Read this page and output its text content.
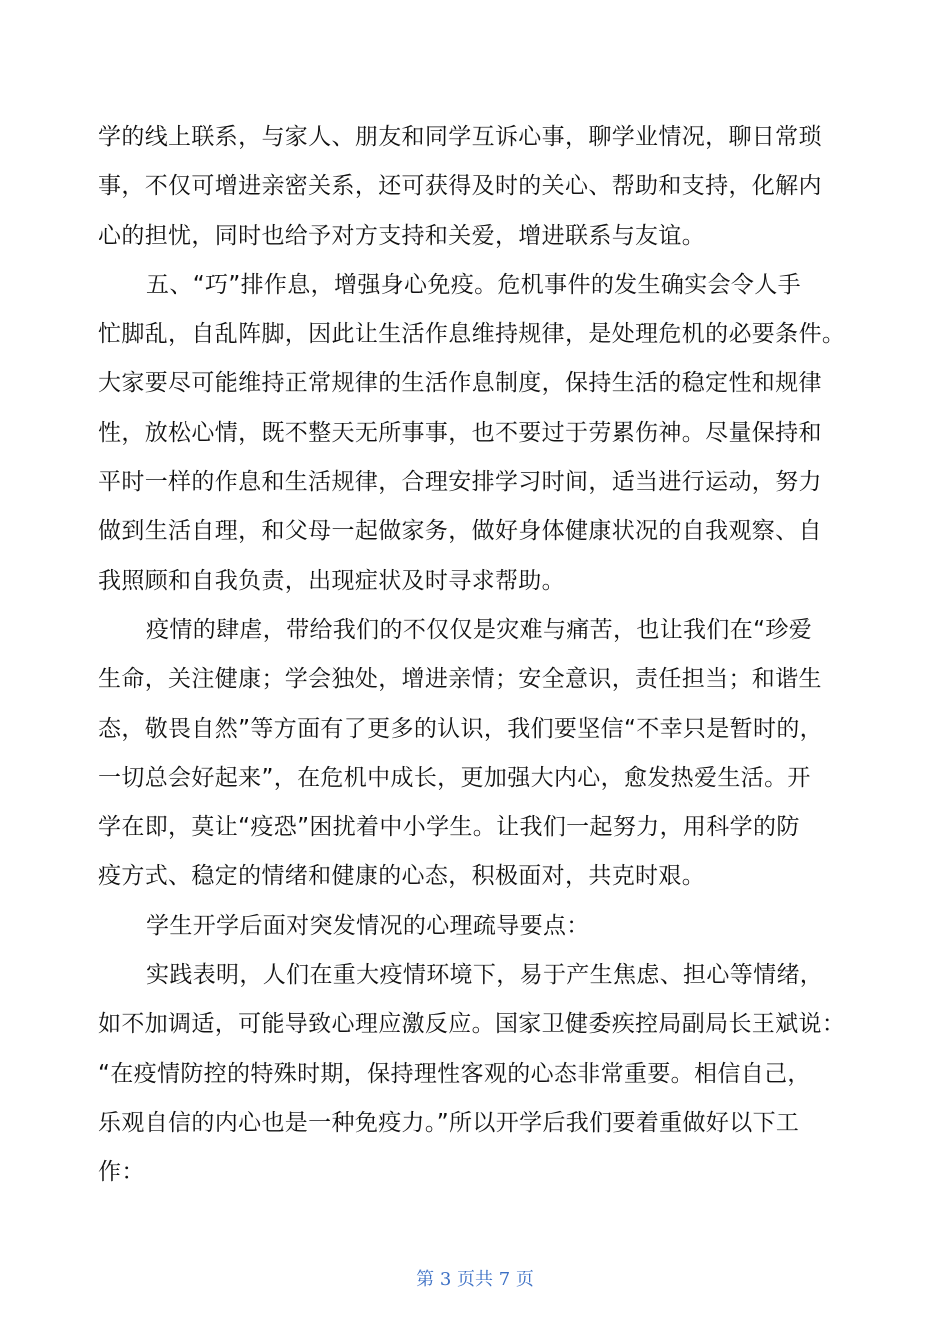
学的线上联系，与家人、朋友和同学互诉心事，聊学业情况，聊日常琐
事，不仅可增进亲密关系，还可获得及时的关心、帮助和支持，化解内
心的担忧，同时也给予对方支持和关爱，增进联系与友谊。

五、“巧”排作息，增强身心免疫。危机事件的发生确实会令人手
忙脚乱，自乱阵脚，因此让生活作息维持规律，是处理危机的必要条件。
大家要尽可能维持正常规律的生活作息制度，保持生活的稳定性和规律
性，放松心情，既不整天无所事事，也不要过于劳累伤神。尽量保持和
平时一样的作息和生活规律，合理安排学习时间，适当进行运动，努力
做到生活自理，和父母一起做家务，做好身体健康状况的自我观察、自
我照顾和自我负责，出现症状及时寻求帮助。

疫情的肆虐，带给我们的不仅仅是灾难与痛苦，也让我们在“珍爱
生命，关注健康；学会独处，增进亲情；安全意识，责任担当；和谐生
态，敬畏自然”等方面有了更多的认识，我们要坚信“不幸只是暂时的，
一切总会好起来”，在危机中成长，更加强大内心，愈发热爱生活。开
学在即，莫让“疫恐”困扰着中小学生。让我们一起努力，用科学的防
疫方式、稳定的情绪和健康的心态，积极面对，共克时艰。

学生开学后面对突发情况的心理疏导要点：

实践表明，人们在重大疫情环境下，易于产生焦虑、担心等情绪，
如不加调适，可能导致心理应激反应。国家卫健委疾控局副局长王斌说：
“在疫情防控的特殊时期，保持理性客观的心态非常重要。相信自己，
乐观自信的内心也是一种免疫力。”所以开学后我们要着重做好以下工
作：

第 3 页共 7 页
